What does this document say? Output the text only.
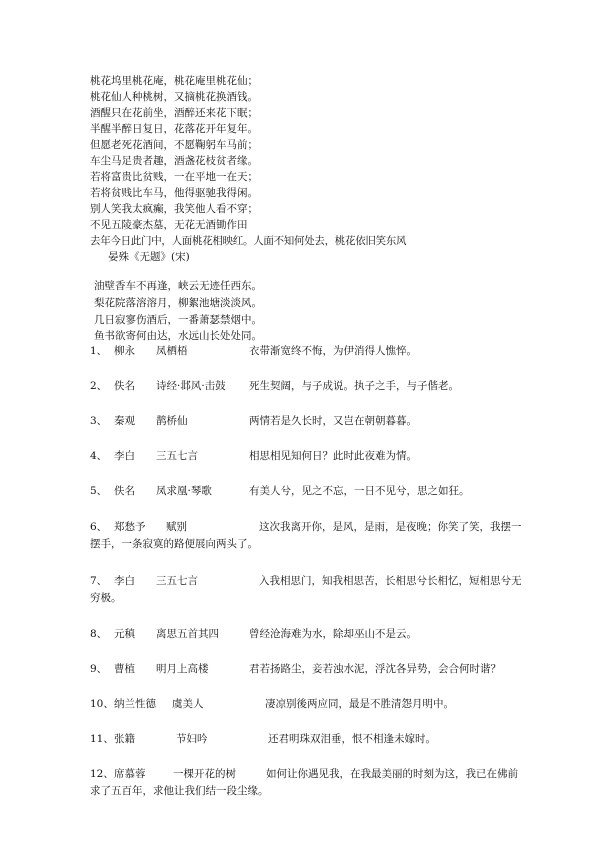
桃花坞里桃花庵，桃花庵里桃花仙；
桃花仙人种桃树，又摘桃花换酒钱。
酒醒只在花前坐，酒醉还来花下眠；
半醒半醉日复日，花落花开年复年。
但愿老死花酒间，不愿鞠躬车马前；
车尘马足贵者趣，酒盏花枝贫者缘。
若将富贵比贫贱，一在平地一在天；
若将贫贱比车马，他得驱驰我得闲。
别人笑我太疯癫，我笑他人看不穿；
不见五陵豪杰墓，无花无酒锄作田
去年今日此门中，人面桃花相映红。人面不知何处去，桃花依旧笑东风
晏殊《无题》(宋)
油壁香车不再逢，峡云无迹任西东。
梨花院落溶溶月，柳絮池塘淡淡风。
几日寂寥伤酒后，一番萧瑟禁烟中。
鱼书欲寄何由达，水远山长处处同。
1、 柳永 凤栖梧	衣带渐宽终不悔，为伊消得人憔悴。
2、 佚名 诗经·邶风·击鼓 死生契阔，与子成说。执子之手，与子偕老。
3、 秦观 鹊桥仙	两情若是久长时，又岂在朝朝暮暮。
4、 李白 三五七言	相思相见知何日？此时此夜难为情。
5、 佚名 凤求凰·琴歌	有美人兮，见之不忘，一日不见兮，思之如狂。
6、 郑愁予 赋别	这次我离开你，是风，是雨，是夜晚；你笑了笑，我摆一
摆手，一条寂寞的路便展向两头了。
7、 李白 三五七言	入我相思门，知我相思苦，长相思兮长相忆，短相思兮无
穷极。
8、 元稹 离思五首其四	曾经沧海难为水，除却巫山不是云。
9、 曹植 明月上高楼	君若扬路尘，妾若浊水泥，浮沈各异势，会合何时谐？
10、 纳兰性德 虞美人	凄凉别後两应同，最是不胜清怨月明中。
11、 张籍	节妇吟	还君明珠双泪垂，恨不相逢未嫁时。
12、 席慕蓉	一棵开花的树	如何让你遇见我，在我最美丽的时刻为这，我已在佛前
求了五百年，求他让我们结一段尘缘。
